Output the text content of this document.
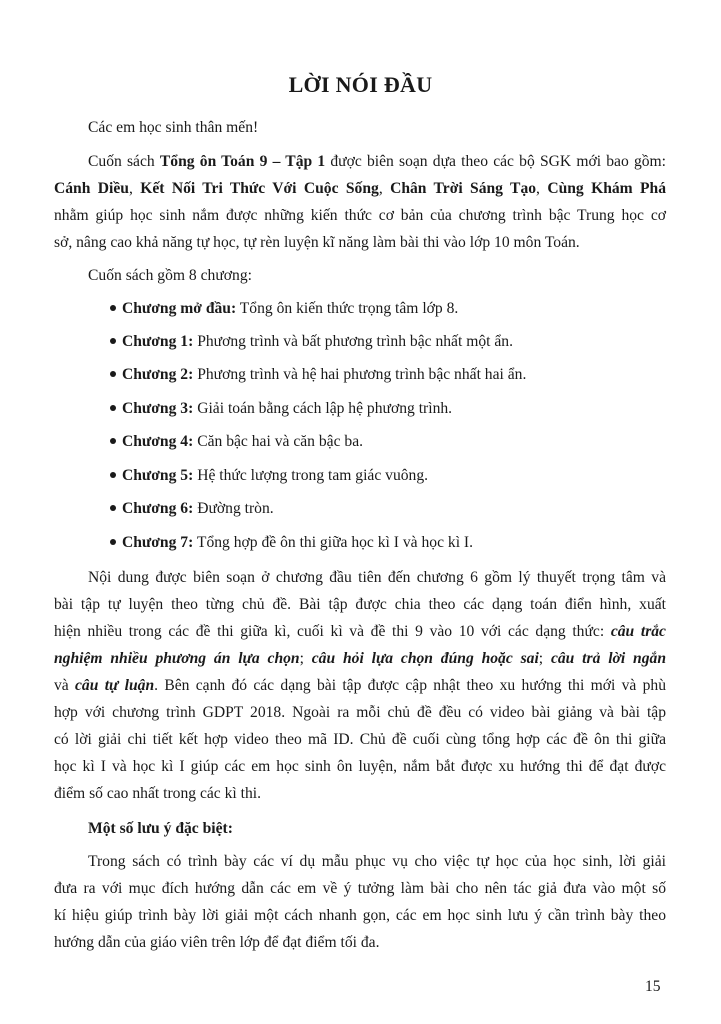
LỜI NÓI ĐẦU
Các em học sinh thân mến!
Cuốn sách Tổng ôn Toán 9 – Tập 1 được biên soạn dựa theo các bộ SGK mới bao gồm:
Cánh Diều, Kết Nối Tri Thức Với Cuộc Sống, Chân Trời Sáng Tạo, Cùng Khám Phá
nhằm giúp học sinh nắm được những kiến thức cơ bản của chương trình bậc Trung học cơ
sở, nâng cao khả năng tự học, tự rèn luyện kĩ năng làm bài thi vào lớp 10 môn Toán.
Cuốn sách gồm 8 chương:
Nội dung được biên soạn ở chương đầu tiên đến chương 6 gồm lý thuyết trọng tâm và
bài tập tự luyện theo từng chủ đề. Bài tập được chia theo các dạng toán điển hình, xuất
hiện nhiều trong các đề thi giữa kì, cuối kì và đề thi 9 vào 10 với các dạng thức: câu trắc
nghiệm nhiều phương án lựa chọn; câu hỏi lựa chọn đúng hoặc sai; câu trả lời ngắn
và câu tự luận. Bên cạnh đó các dạng bài tập được cập nhật theo xu hướng thi mới và phù
hợp với chương trình GDPT 2018. Ngoài ra mỗi chủ đề đều có video bài giảng và bài tập
có lời giải chi tiết kết hợp video theo mã ID. Chủ đề cuối cùng tổng hợp các đề ôn thi giữa
học kì I và học kì I giúp các em học sinh ôn luyện, nắm bắt được xu hướng thi để đạt được
điểm số cao nhất trong các kì thi.
Một số lưu ý đặc biệt:
Trong sách có trình bày các ví dụ mẫu phục vụ cho việc tự học của học sinh, lời giải
đưa ra với mục đích hướng dẫn các em về ý tưởng làm bài cho nên tác giả đưa vào một số
kí hiệu giúp trình bày lời giải một cách nhanh gọn, các em học sinh lưu ý cần trình bày theo
hướng dẫn của giáo viên trên lớp để đạt điểm tối đa.
Chương mở đầu: Tổng ôn kiến thức trọng tâm lớp 8.
Chương 1: Phương trình và bất phương trình bậc nhất một ẩn.
Chương 2: Phương trình và hệ hai phương trình bậc nhất hai ẩn.
Chương 3: Giải toán bằng cách lập hệ phương trình.
Chương 4: Căn bậc hai và căn bậc ba.
Chương 5: Hệ thức lượng trong tam giác vuông.
Chương 6: Đường tròn.
Chương 7: Tổng hợp đề ôn thi giữa học kì I và học kì I.
15
